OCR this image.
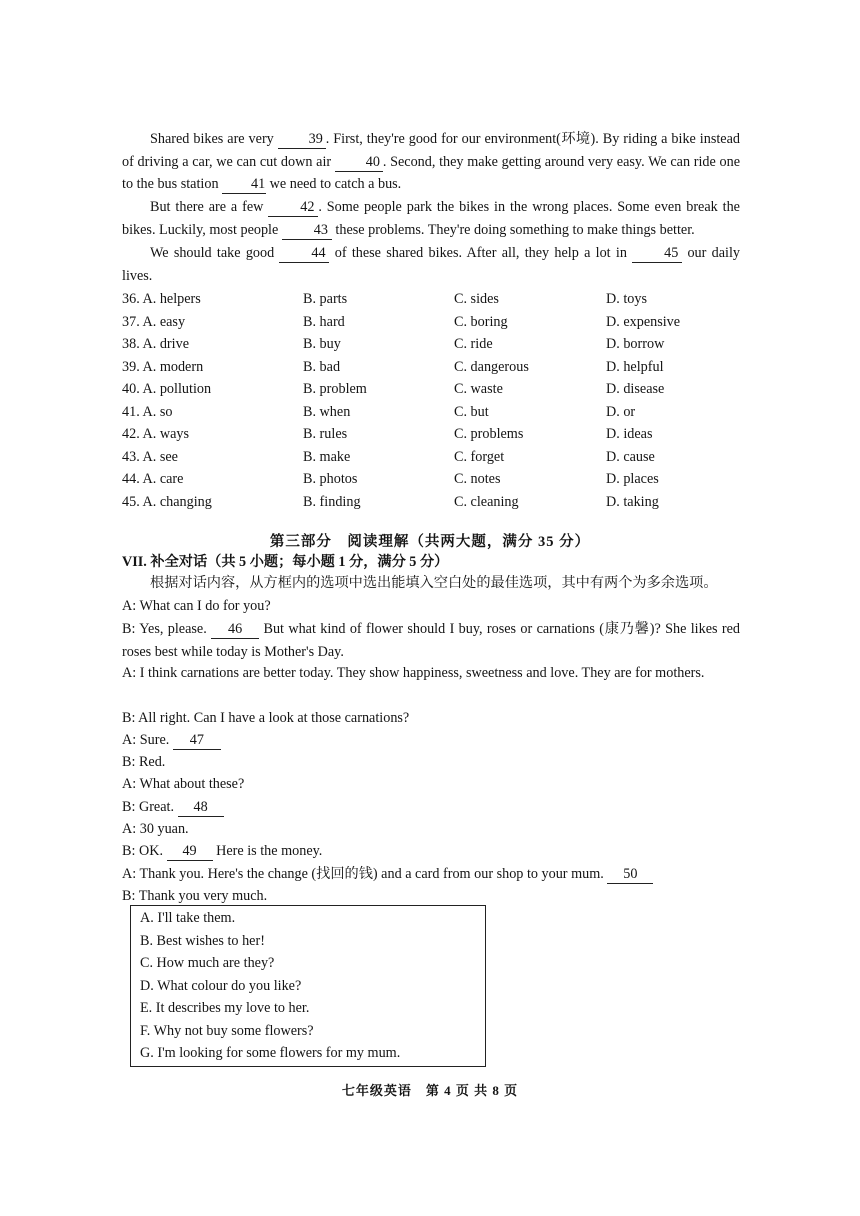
Shared bikes are very 39 . First, they're good for our environment(环境). By riding a bike instead of driving a car, we can cut down air 40 . Second, they make getting around very easy. We can ride one to the bus station 41 we need to catch a bus.
But there are a few 42 . Some people park the bikes in the wrong places. Some even break the bikes. Luckily, most people 43 these problems. They're doing something to make things better.
We should take good 44 of these shared bikes. After all, they help a lot in 45 our daily lives.
36. A. helpers	B. parts	C. sides	D. toys
37. A. easy	B. hard	C. boring	D. expensive
38. A. drive	B. buy	C. ride	D. borrow
39. A. modern	B. bad	C. dangerous	D. helpful
40. A. pollution	B. problem	C. waste	D. disease
41. A. so	B. when	C. but	D. or
42. A. ways	B. rules	C. problems	D. ideas
43. A. see	B. make	C. forget	D. cause
44. A. care	B. photos	C. notes	D. places
45. A. changing	B. finding	C. cleaning	D. taking
第三部分　阅读理解（共两大题，满分 35 分）
VII. 补全对话（共 5 小题；每小题 1 分，满分 5 分）
根据对话内容，从方框内的选项中选出能填入空白处的最佳选项，其中有两个为多余选项。
A: What can I do for you?
B: Yes, please. 46 But what kind of flower should I buy, roses or carnations (康乃馨)? She likes red roses best while today is Mother's Day.
A: I think carnations are better today. They show happiness, sweetness and love. They are for mothers.
B: All right. Can I have a look at those carnations?
A: Sure. 47
B: Red.
A: What about these?
B: Great. 48
A: 30 yuan.
B: OK. 49 Here is the money.
A: Thank you. Here's the change (找回的钱) and a card from our shop to your mum. 50
B: Thank you very much.
A. I'll take them.
B. Best wishes to her!
C. How much are they?
D. What colour do you like?
E. It describes my love to her.
F. Why not buy some flowers?
G. I'm looking for some flowers for my mum.
七年级英语　第 4 页 共 8 页
